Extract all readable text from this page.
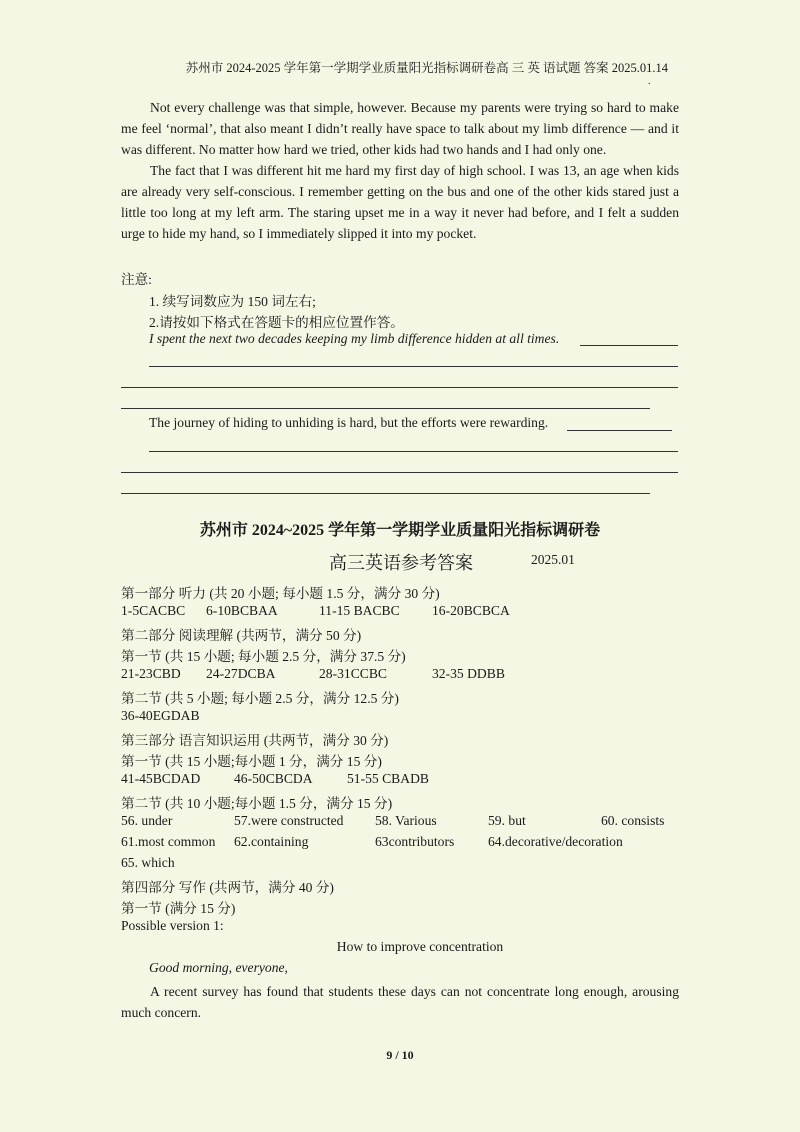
苏州市 2024-2025 学年第一学期学业质量阳光指标调研卷高 三 英 语试题 答案 2025.01.14
.

Not every challenge was that simple, however. Because my parents were trying so hard to make me feel ‘normal’, that also meant I didn’t really have space to talk about my limb difference — and it was different. No matter how hard we tried, other kids had two hands and I had only one.

The fact that I was different hit me hard my first day of high school. I was 13, an age when kids are already very self-conscious. I remember getting on the bus and one of the other kids stared just a little too long at my left arm. The staring upset me in a way it never had before, and I felt a sudden urge to hide my hand, so I immediately slipped it into my pocket.

注意:
1. 续写词数应为 150 词左右;
2.请按如下格式在答题卡的相应位置作答。
I spent the next two decades keeping my limb difference hidden at all times.
The journey of hiding to unhiding is hard, but the efforts were rewarding.
苏州市 2024~2025 学年第一学期学业质量阳光指标调研卷
高三英语参考答案	2025.01
第一部分 听力 (共 20 小题; 每小题 1.5 分，满分 30 分)
1-5CACBC 6-10BCBAA	11-15 BACBC 16-20BCBCA
第二部分 阅读理解 (共两节，满分 50 分)
第一节 (共 15 小题; 每小题 2.5 分，满分 37.5 分)
21-23CBD 24-27DCBA	28-31CCBC	32-35 DDBB
第二节 (共 5 小题; 每小题 2.5 分，满分 12.5 分)
36-40EGDAB
第三部分 语言知识运用 (共两节，满分 30 分)
第一节 (共 15 小题;每小题 1 分，满分 15 分)
41-45BCDAD 46-50CBCDA	51-55 CBADB
第二节 (共 10 小题;每小题 1.5 分，满分 15 分)
56. under	57.were constructed 58. Various	59. but	60. consists
61.most common 62.containing	63contributors 64.decorative/decoration
65. which
第四部分 写作 (共两节，满分 40 分)
第一节 (满分 15 分)
Possible version 1:
How to improve concentration
Good morning, everyone,

A recent survey has found that students these days can not concentrate long enough, arousing much concern.

9 / 10
